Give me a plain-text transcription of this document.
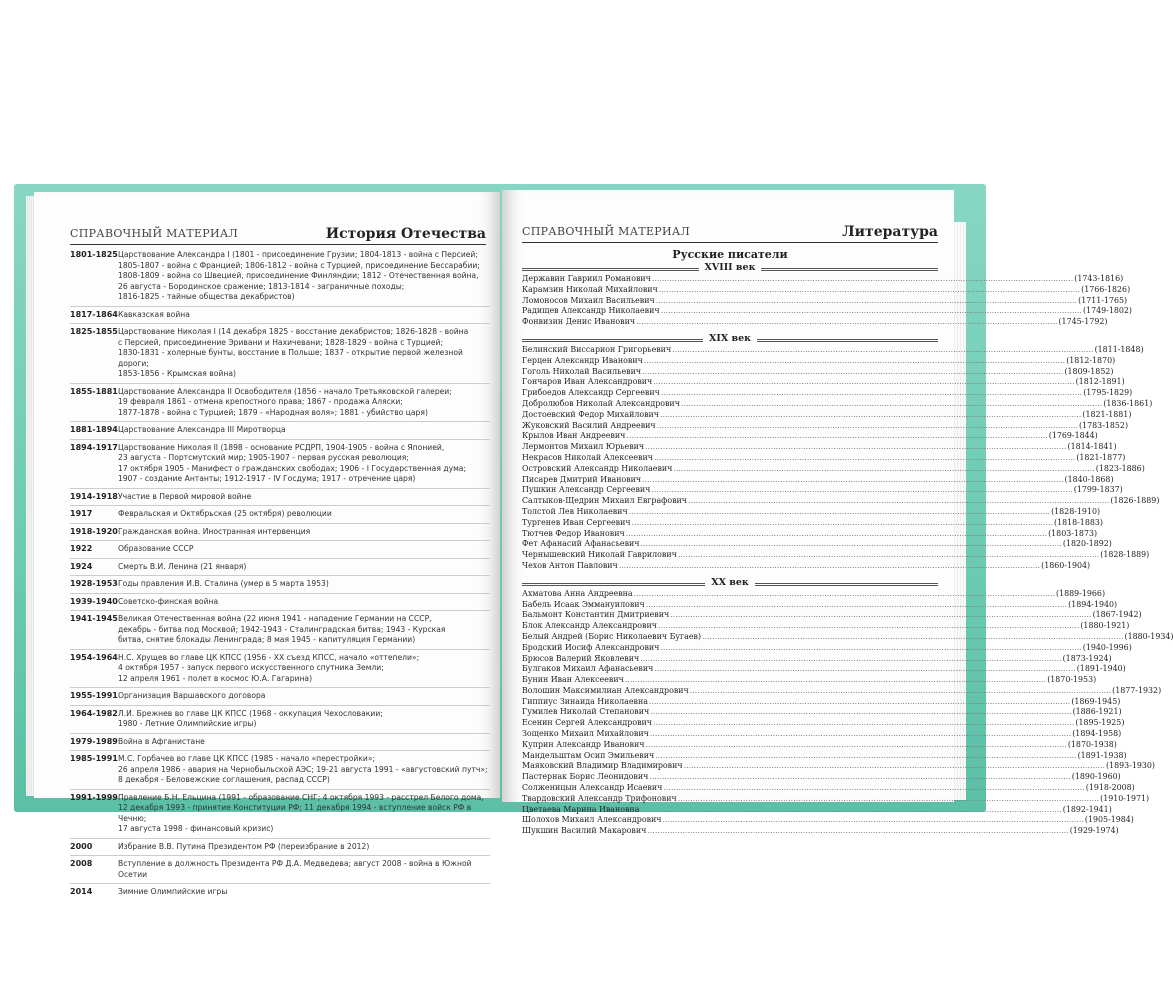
СПРАВОЧНЫЙ МАТЕРИАЛ	История Отечества
1801-1825 Царствование Александра I (1801 - присоединение Грузии; 1804-1813 - война с Персией;
1805-1807 - война с Францией; 1806-1812 - война с Турцией, присоединение Бессарабии;
1808-1809 - война со Швецией, присоединение Финляндии; 1812 - Отечественная война,
26 августа - Бородинское сражение; 1813-1814 - заграничные походы;
1816-1825 - тайные общества декабристов)
1817-1864 Кавказская война
1825-1855 Царствование Николая I (14 декабря 1825 - восстание декабристов; 1826-1828 - война
с Персией, присоединение Эривани и Нахичевани; 1828-1829 - война с Турцией;
1830-1831 - холерные бунты, восстание в Польше; 1837 - открытие первой железной дороги;
1853-1856 - Крымская война)
1855-1881 Царствование Александра II Освободителя (1856 - начало Третьяковской галереи;
19 февраля 1861 - отмена крепостного права; 1867 - продажа Аляски;
1877-1878 - война с Турцией; 1879 - «Народная воля»; 1881 - убийство царя)
1881-1894 Царствование Александра III Миротворца
1894-1917 Царствование Николая II (1898 - основание РСДРП, 1904-1905 - война с Японией,
23 августа - Портсмутский мир; 1905-1907 - первая русская революция;
17 октября 1905 - Манифест о гражданских свободах; 1906 - I Государственная дума;
1907 - создание Антанты; 1912-1917 - IV Госдума; 1917 - отречение царя)
1914-1918 Участие в Первой мировой войне
1917	Февральская и Октябрьская (25 октября) революции
1918-1920 Гражданская война. Иностранная интервенция
1922	Образование СССР
1924	Смерть В.И. Ленина (21 января)
1928-1953 Годы правления И.В. Сталина (умер в 5 марта 1953)
1939-1940 Советско-финская война
1941-1945 Великая Отечественная война (22 июня 1941 - нападение Германии на СССР,
декабрь - битва под Москвой; 1942-1943 - Сталинградская битва; 1943 - Курская
битва, снятие блокады Ленинграда; 8 мая 1945 - капитуляция Германии)
1954-1964 Н.С. Хрущев во главе ЦК КПСС (1956 - XX съезд КПСС, начало «оттепели»;
4 октября 1957 - запуск первого искусственного спутника Земли;
12 апреля 1961 - полет в космос Ю.А. Гагарина)
1955-1991 Организация Варшавского договора
1964-1982 Л.И. Брежнев во главе ЦК КПСС (1968 - оккупация Чехословакии;
1980 - Летние Олимпийские игры)
1979-1989 Война в Афганистане
1985-1991 М.С. Горбачев во главе ЦК КПСС (1985 - начало «перестройки»;
26 апреля 1986 - авария на Чернобыльской АЭС; 19-21 августа 1991 - «августовский путч»;
8 декабря - Беловежские соглашения, распад СССР)
1991-1999 Правление Б.Н. Ельцина (1991 - образование СНГ; 4 октября 1993 - расстрел Белого дома,
12 декабря 1993 - принятие Конституции РФ; 11 декабря 1994 - вступление войск РФ в Чечню;
17 августа 1998 - финансовый кризис)
2000	Избрание В.В. Путина Президентом РФ (переизбрание в 2012)
2008	Вступление в должность Президента РФ Д.А. Медведева; август 2008 - война в Южной Осетии
2014	Зимние Олимпийские игры
СПРАВОЧНЫЙ МАТЕРИАЛ	Литература
Русские писатели
XVIII век
Державин Гавриил Романович .....	(1743-1816)
Карамзин Николай Михайлович .....	(1766-1826)
Ломоносов Михаил Васильевич .....	(1711-1765)
Радищев Александр Николаевич .....	(1749-1802)
Фонвизин Денис Иванович .....	(1745-1792)
XIX век
Белинский Виссарион Григорьевич .....	(1811-1848)
Герцен Александр Иванович .....	(1812-1870)
Гоголь Николай Васильевич .....	(1809-1852)
Гончаров Иван Александрович .....	(1812-1891)
Грибоедов Александр Сергеевич .....	(1795-1829)
Добролюбов Николай Александрович .....	(1836-1861)
Достоевский Федор Михайлович .....	(1821-1881)
Жуковский Василий Андреевич .....	(1783-1852)
Крылов Иван Андреевич .....	(1769-1844)
Лермонтов Михаил Юрьевич .....	(1814-1841)
Некрасов Николай Алексеевич .....	(1821-1877)
Островский Александр Николаевич .....	(1823-1886)
Писарев Дмитрий Иванович .....	(1840-1868)
Пушкин Александр Сергеевич .....	(1799-1837)
Салтыков-Щедрин Михаил Евграфович .....	(1826-1889)
Толстой Лев Николаевич .....	(1828-1910)
Тургенев Иван Сергеевич .....	(1818-1883)
Тютчев Федор Иванович .....	(1803-1873)
Фет Афанасий Афанасьевич .....	(1820-1892)
Чернышевский Николай Гаврилович .....	(1828-1889)
Чехов Антон Павлович .....	(1860-1904)
XX век
Ахматова Анна Андреевна .....	(1889-1966)
Бабель Исаак Эммануилович .....	(1894-1940)
Бальмонт Константин Дмитриевич .....	(1867-1942)
Блок Александр Александрович .....	(1880-1921)
Белый Андрей (Борис Николаевич Бугаев) .....	(1880-1934)
Бродский Иосиф Александрович .....	(1940-1996)
Брюсов Валерий Яковлевич .....	(1873-1924)
Булгаков Михаил Афанасьевич .....	(1891-1940)
Бунин Иван Алексеевич .....	(1870-1953)
Волошин Максимилиан Александрович .....	(1877-1932)
Гиппиус Зинаида Николаевна .....	(1869-1945)
Гумилев Николай Степанович .....	(1886-1921)
Есенин Сергей Александрович .....	(1895-1925)
Зощенко Михаил Михайлович .....	(1894-1958)
Куприн Александр Иванович .....	(1870-1938)
Мандельштам Осип Эмильевич .....	(1891-1938)
Маяковский Владимир Владимирович .....	(1893-1930)
Пастернак Борис Леонидович .....	(1890-1960)
Солженицын Александр Исаевич .....	(1918-2008)
Твардовский Александр Трифонович .....	(1910-1971)
Цветаева Марина Ивановна .....	(1892-1941)
Шолохов Михаил Александрович .....	(1905-1984)
Шукшин Василий Макарович .....	(1929-1974)
